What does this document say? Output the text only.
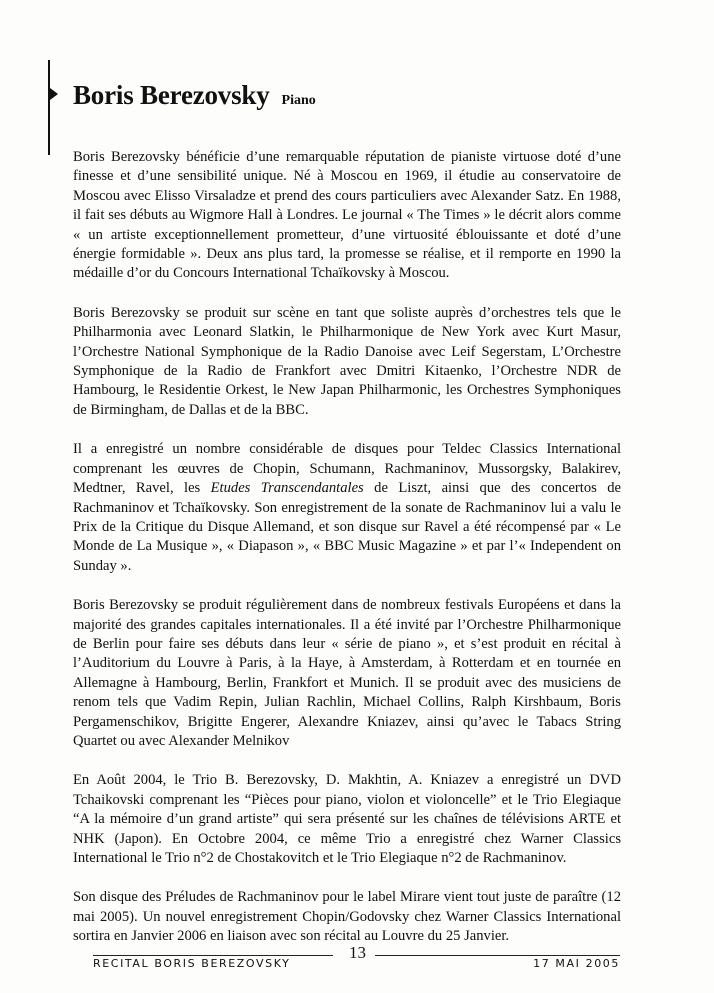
Boris Berezovsky Piano

Boris Berezovsky bénéficie d’une remarquable réputation de pianiste virtuose doté d’une finesse et d’une sensibilité unique. Né à Moscou en 1969, il étudie au conservatoire de Moscou avec Elisso Virsaladze et prend des cours particuliers avec Alexander Satz. En 1988, il fait ses débuts au Wigmore Hall à Londres. Le journal « The Times » le décrit alors comme « un artiste exceptionnellement prometteur, d’une virtuosité éblouissante et doté d’une énergie formidable ». Deux ans plus tard, la promesse se réalise, et il remporte en 1990 la médaille d’or du Concours International Tchaïkovsky à Moscou.

Boris Berezovsky se produit sur scène en tant que soliste auprès d’orchestres tels que le Philharmonia avec Leonard Slatkin, le Philharmonique de New York avec Kurt Masur, l’Orchestre National Symphonique de la Radio Danoise avec Leif Segerstam, L’Orchestre Symphonique de la Radio de Frankfort avec Dmitri Kitaenko, l’Orchestre NDR de Hambourg, le Residentie Orkest, le New Japan Philharmonic, les Orchestres Symphoniques de Birmingham, de Dallas et de la BBC.

Il a enregistré un nombre considérable de disques pour Teldec Classics International comprenant les œuvres de Chopin, Schumann, Rachmaninov, Mussorgsky, Balakirev, Medtner, Ravel, les Etudes Transcendantales de Liszt, ainsi que des concertos de Rachmaninov et Tchaïkovsky. Son enregistrement de la sonate de Rachmaninov lui a valu le Prix de la Critique du Disque Allemand, et son disque sur Ravel a été récompensé par « Le Monde de La Musique », « Diapason », « BBC Music Magazine » et par l’« Independent on Sunday ».

Boris Berezovsky se produit régulièrement dans de nombreux festivals Européens et dans la majorité des grandes capitales internationales. Il a été invité par l’Orchestre Philharmonique de Berlin pour faire ses débuts dans leur « série de piano », et s’est produit en récital à l’Auditorium du Louvre à Paris, à la Haye, à Amsterdam, à Rotterdam et en tournée en Allemagne à Hambourg, Berlin, Frankfort et Munich. Il se produit avec des musiciens de renom tels que Vadim Repin, Julian Rachlin, Michael Collins, Ralph Kirshbaum, Boris Pergamenschikov, Brigitte Engerer, Alexandre Kniazev, ainsi qu’avec le Tabacs String Quartet ou avec Alexander Melnikov

En Août 2004, le Trio B. Berezovsky, D. Makhtin, A. Kniazev a enregistré un DVD Tchaikovski comprenant les “Pièces pour piano, violon et violoncelle” et le Trio Elegiaque “A la mémoire d’un grand artiste” qui sera présenté sur les chaînes de télévisions ARTE et NHK (Japon). En Octobre 2004, ce même Trio a enregistré chez Warner Classics International le Trio n°2 de Chostakovitch et le Trio Elegiaque n°2 de Rachmaninov.

Son disque des Préludes de Rachmaninov pour le label Mirare vient tout juste de paraître (12 mai 2005). Un nouvel enregistrement Chopin/Godovsky chez Warner Classics International sortira en Janvier 2006 en liaison avec son récital au Louvre du 25 Janvier.

13
RECITAL BORIS BEREZOVSKY	17 MAI 2005
